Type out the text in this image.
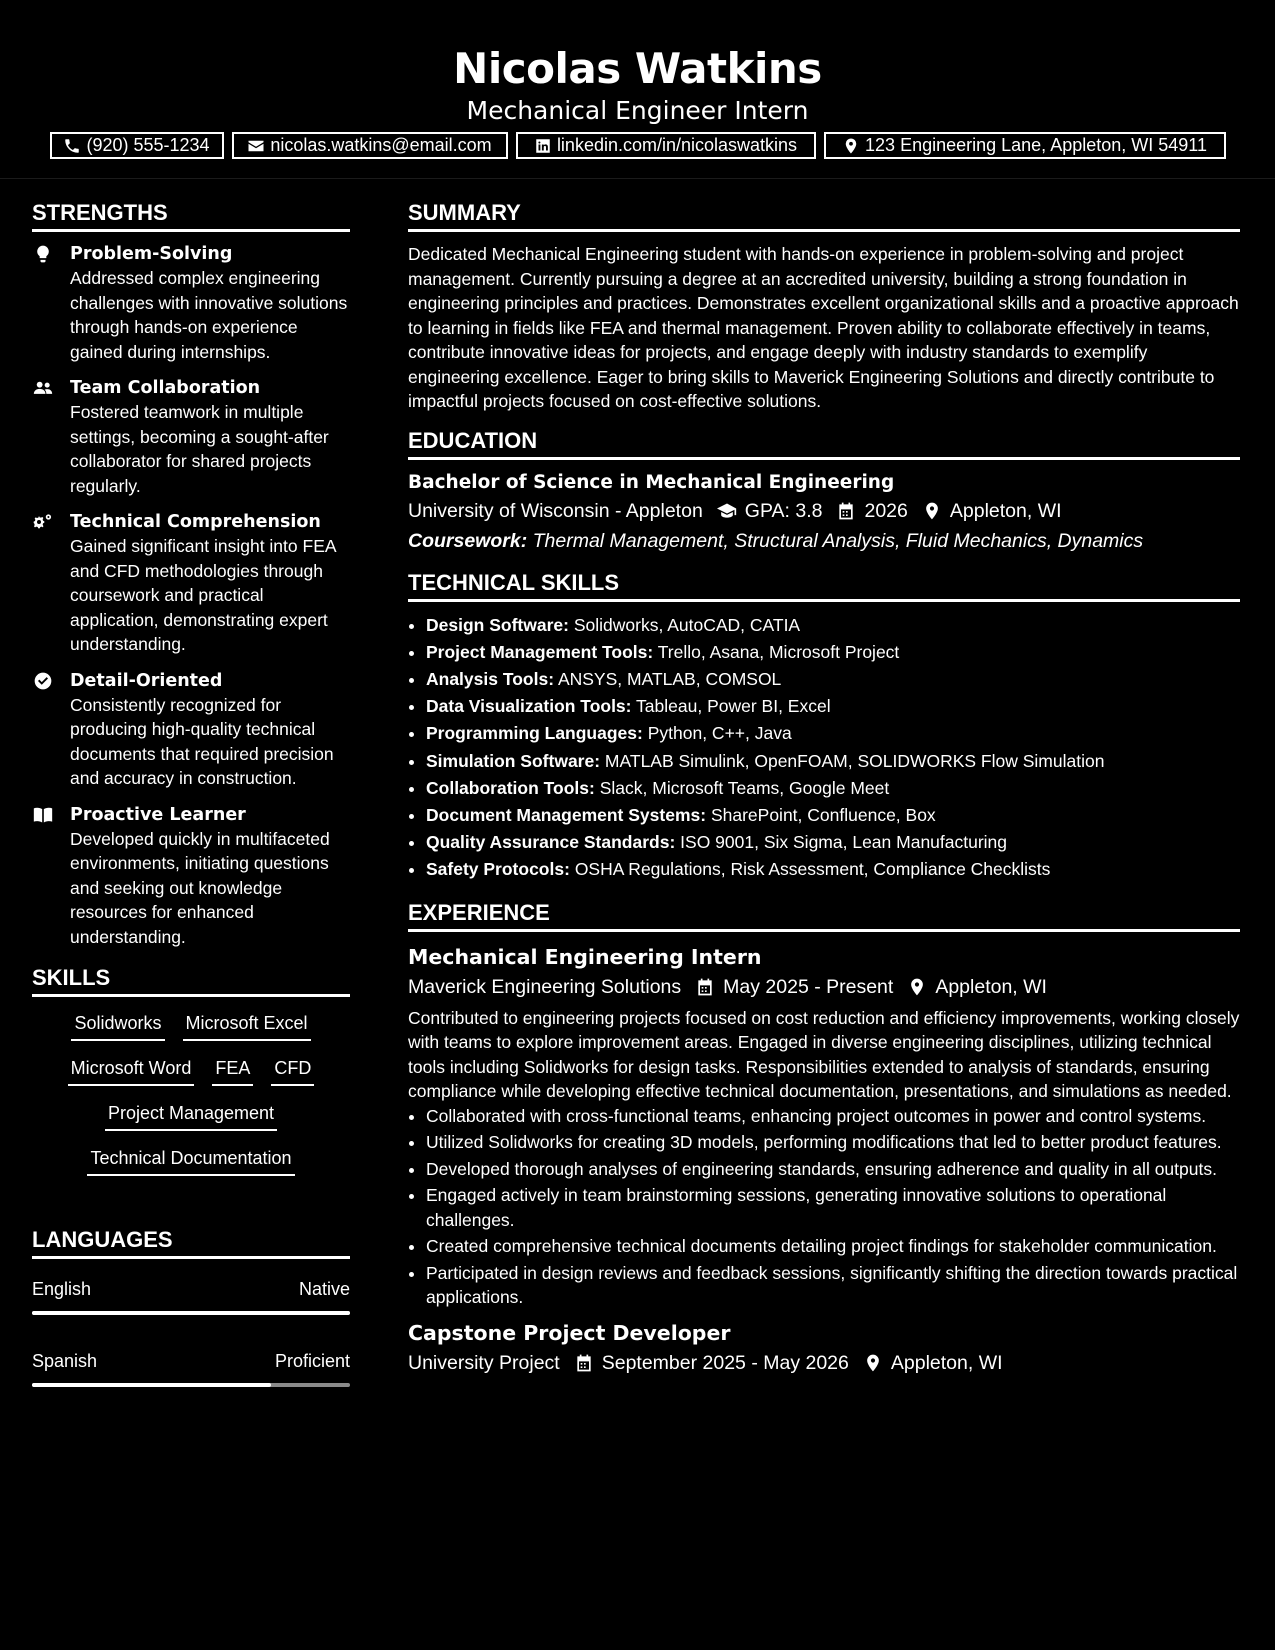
Nicolas Watkins
Mechanical Engineer Intern
(920) 555-1234	nicolas.watkins@email.com	linkedin.com/in/nicolaswatkins	123 Engineering Lane, Appleton, WI 54911
STRENGTHS
Problem-Solving
Addressed complex engineering challenges with innovative solutions through hands-on experience gained during internships.
Team Collaboration
Fostered teamwork in multiple settings, becoming a sought-after collaborator for shared projects regularly.
Technical Comprehension
Gained significant insight into FEA and CFD methodologies through coursework and practical application, demonstrating expert understanding.
Detail-Oriented
Consistently recognized for producing high-quality technical documents that required precision and accuracy in construction.
Proactive Learner
Developed quickly in multifaceted environments, initiating questions and seeking out knowledge resources for enhanced understanding.
SKILLS
Solidworks Microsoft Excel
Microsoft Word FEA CFD
Project Management
Technical Documentation
LANGUAGES
English	Native
Spanish	Proficient
SUMMARY
Dedicated Mechanical Engineering student with hands-on experience in problem-solving and project management. Currently pursuing a degree at an accredited university, building a strong foundation in engineering principles and practices. Demonstrates excellent organizational skills and a proactive approach to learning in fields like FEA and thermal management. Proven ability to collaborate effectively in teams, contribute innovative ideas for projects, and engage deeply with industry standards to exemplify engineering excellence. Eager to bring skills to Maverick Engineering Solutions and directly contribute to impactful projects focused on cost-effective solutions.
EDUCATION
Bachelor of Science in Mechanical Engineering
University of Wisconsin - Appleton GPA: 3.8 2026 Appleton, WI
Coursework: Thermal Management, Structural Analysis, Fluid Mechanics, Dynamics
TECHNICAL SKILLS
• Design Software: Solidworks, AutoCAD, CATIA
• Project Management Tools: Trello, Asana, Microsoft Project
• Analysis Tools: ANSYS, MATLAB, COMSOL
• Data Visualization Tools: Tableau, Power BI, Excel
• Programming Languages: Python, C++, Java
• Simulation Software: MATLAB Simulink, OpenFOAM, SOLIDWORKS Flow Simulation
• Collaboration Tools: Slack, Microsoft Teams, Google Meet
• Document Management Systems: SharePoint, Confluence, Box
• Quality Assurance Standards: ISO 9001, Six Sigma, Lean Manufacturing
• Safety Protocols: OSHA Regulations, Risk Assessment, Compliance Checklists
EXPERIENCE
Mechanical Engineering Intern
Maverick Engineering Solutions May 2025 - Present Appleton, WI
Contributed to engineering projects focused on cost reduction and efficiency improvements, working closely with teams to explore improvement areas. Engaged in diverse engineering disciplines, utilizing technical tools including Solidworks for design tasks. Responsibilities extended to analysis of standards, ensuring compliance while developing effective technical documentation, presentations, and simulations as needed.
• Collaborated with cross-functional teams, enhancing project outcomes in power and control systems.
• Utilized Solidworks for creating 3D models, performing modifications that led to better product features.
• Developed thorough analyses of engineering standards, ensuring adherence and quality in all outputs.
• Engaged actively in team brainstorming sessions, generating innovative solutions to operational challenges.
• Created comprehensive technical documents detailing project findings for stakeholder communication.
• Participated in design reviews and feedback sessions, significantly shifting the direction towards practical applications.
Capstone Project Developer
University Project September 2025 - May 2026 Appleton, WI
